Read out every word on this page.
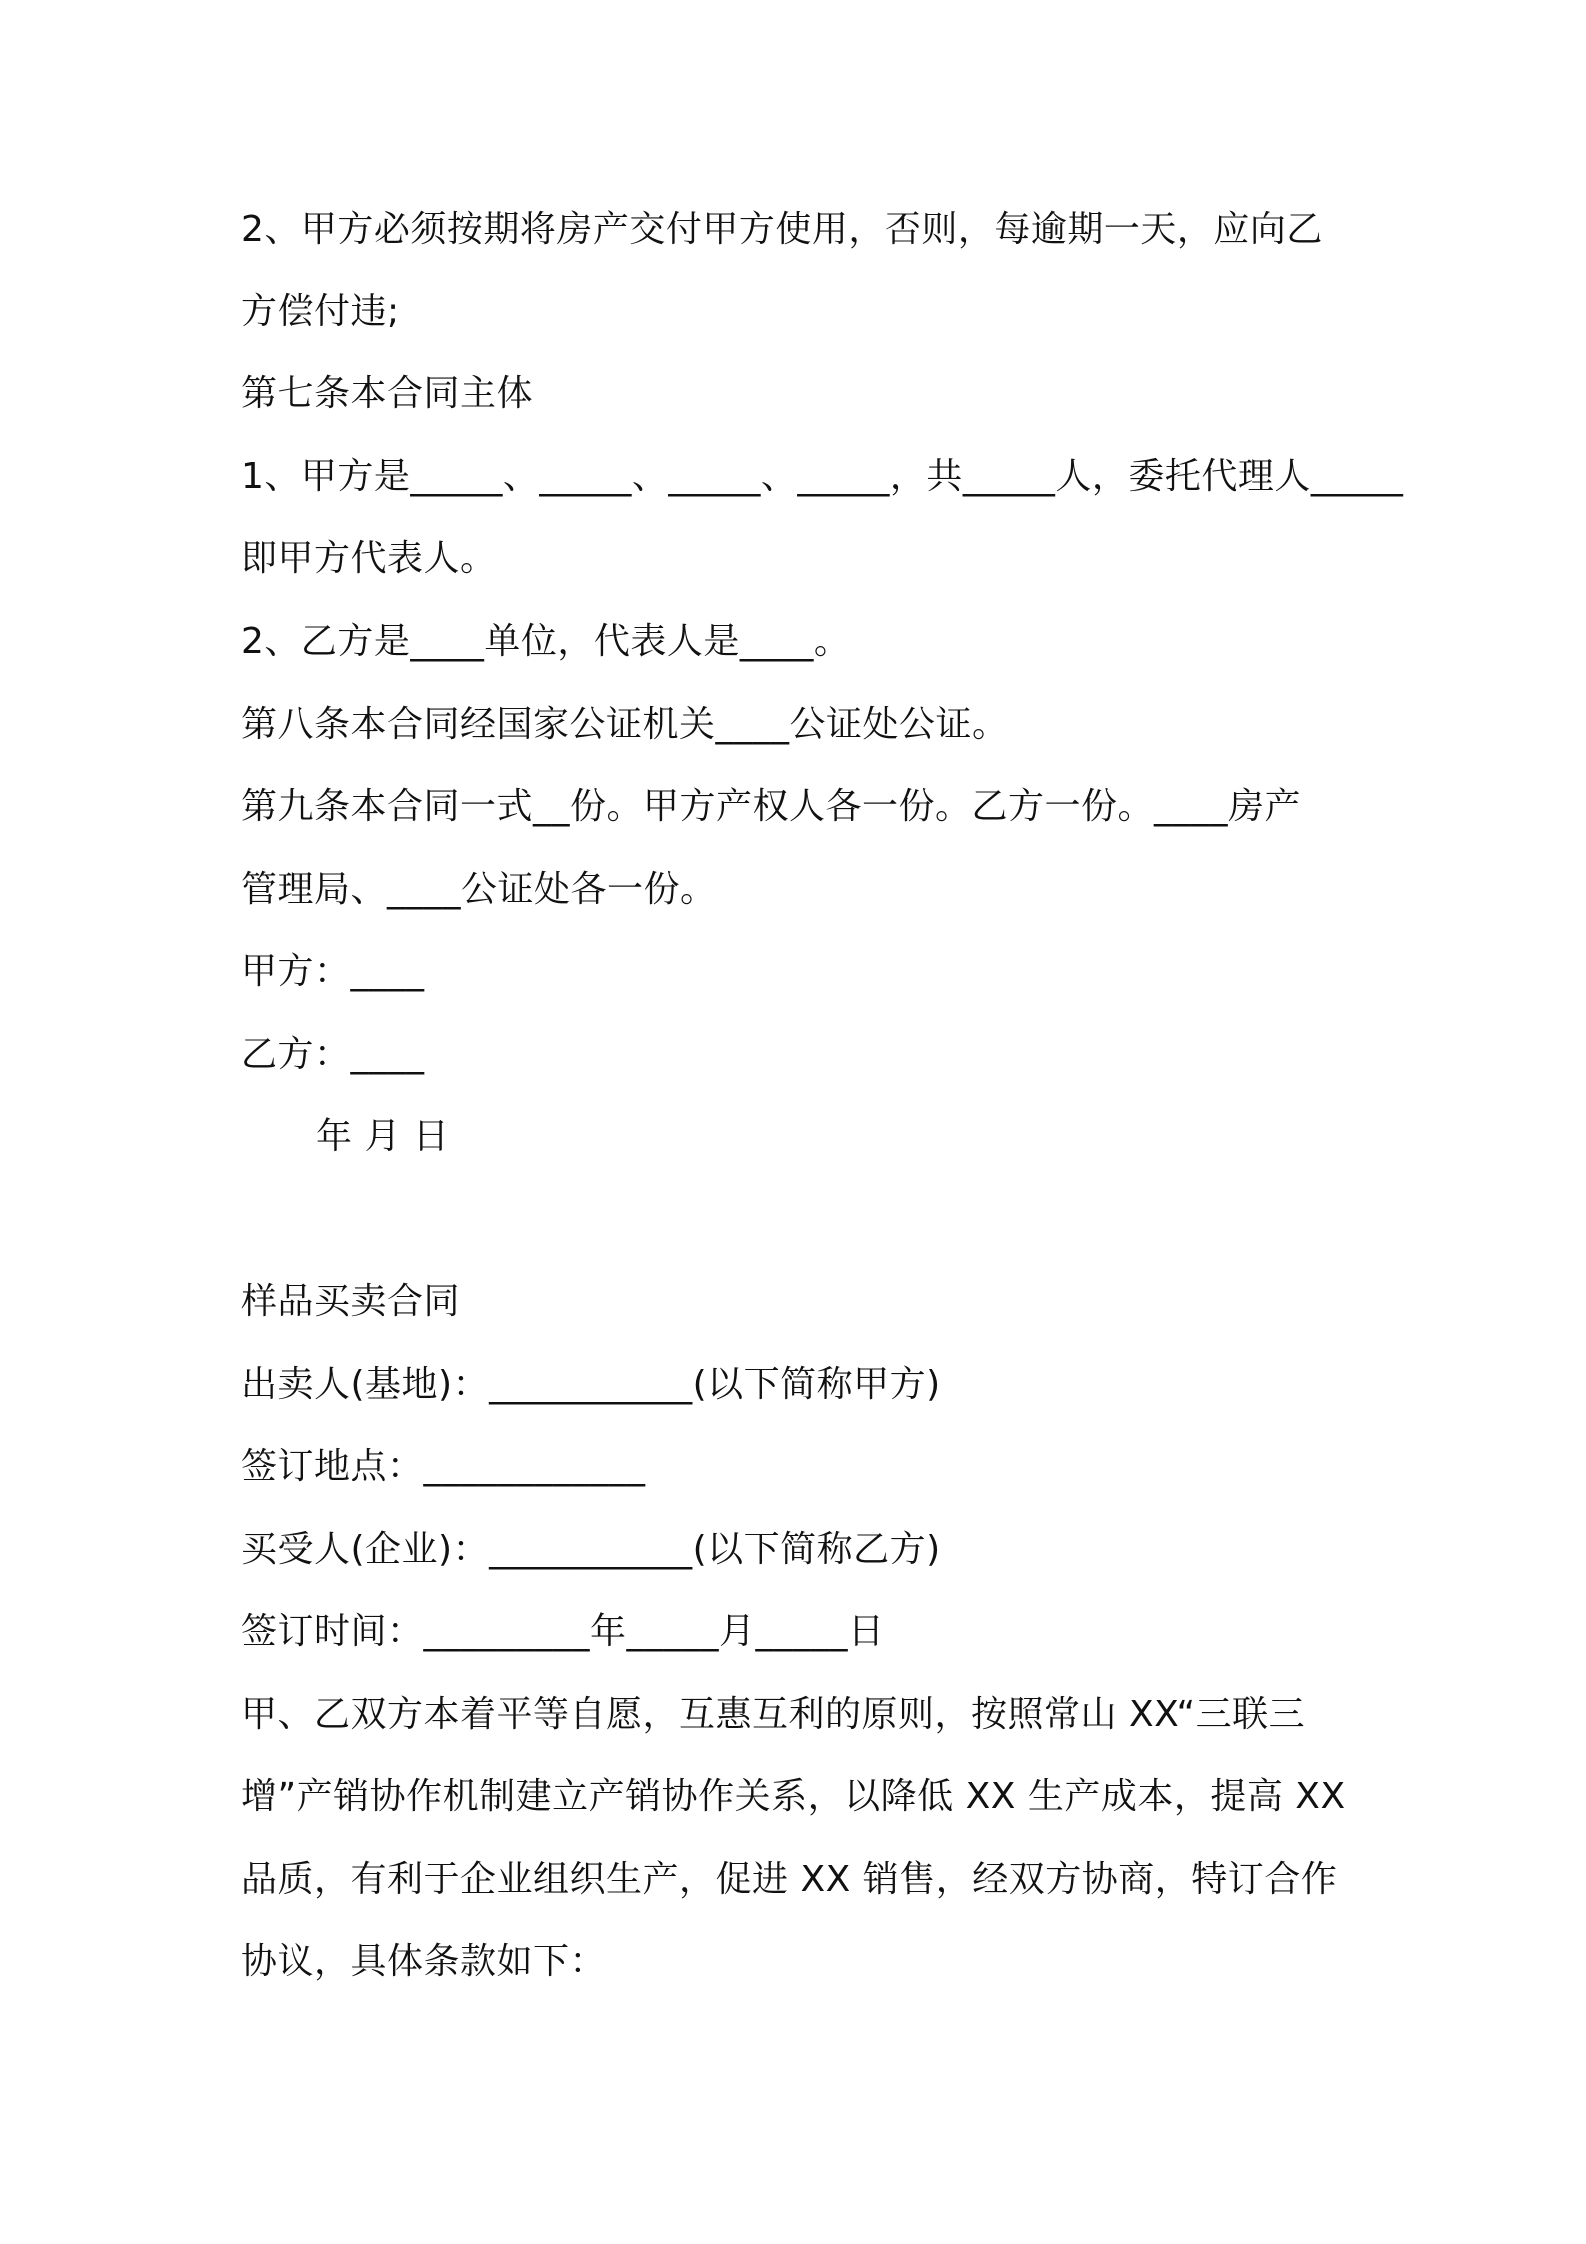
2、甲方必须按期将房产交付甲方使用，否则，每逾期一天，应向乙
方偿付违;
第七条本合同主体
1、甲方是_____、_____、_____、_____，共_____人，委托代理人_____
即甲方代表人。
2、乙方是____单位，代表人是____。
第八条本合同经国家公证机关____公证处公证。
第九条本合同一式__份。甲方产权人各一份。乙方一份。____房产
管理局、____公证处各一份。
甲方：____
乙方：____
年 月 日
样品买卖合同
出卖人(基地)：___________(以下简称甲方)
签订地点：____________
买受人(企业)：___________(以下简称乙方)
签订时间：_________年_____月_____日
甲、乙双方本着平等自愿，互惠互利的原则，按照常山 XX“三联三
增”产销协作机制建立产销协作关系，以降低 XX 生产成本，提高 XX
品质，有利于企业组织生产，促进 XX 销售，经双方协商，特订合作
协议，具体条款如下：
